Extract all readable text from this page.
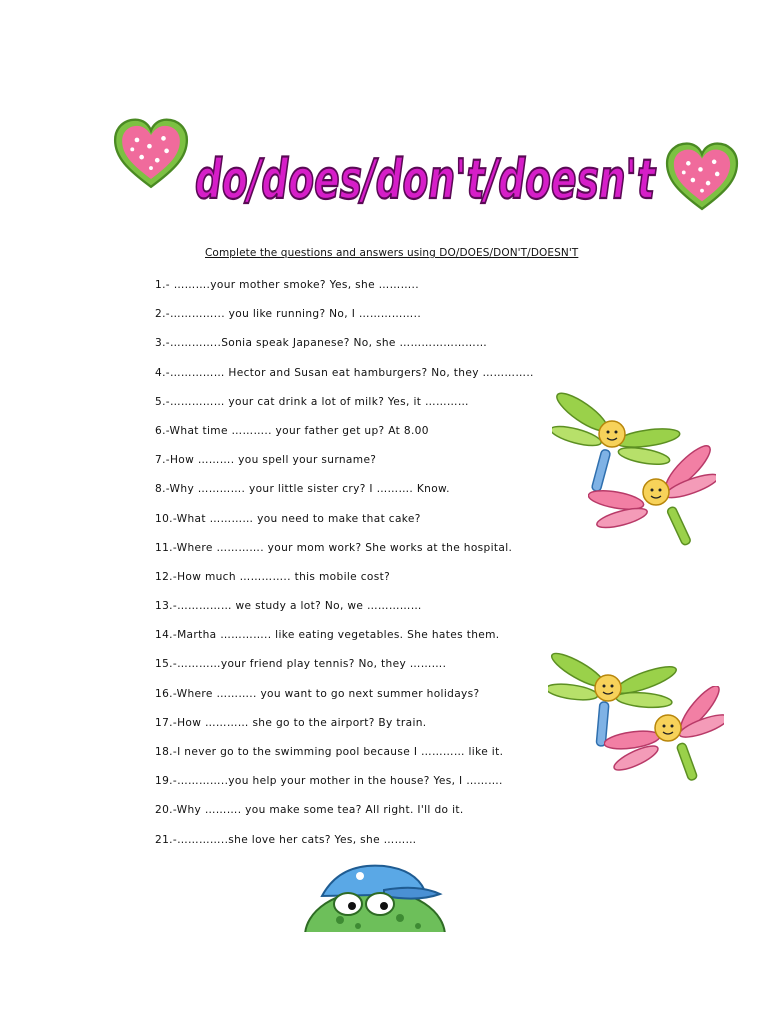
do/does/don't/doesn't
Complete the questions and answers using DO/DOES/DON'T/DOESN'T
1.- ……….your mother smoke? Yes, she ………..
2.-…………... you like running? No, I ……………..
3.-…………..Sonia speak Japanese? No, she ……………………
4.-…………… Hector and Susan eat hamburgers? No, they …………..
5.-…………… your cat drink a lot of milk? Yes, it …………
6.-What time ……….. your father get up? At 8.00
7.-How ………. you spell your surname?
8.-Why …………. your little sister cry? I ………. Know.
10.-What ………… you need to make that cake?
11.-Where …………. your mom work? She works at the hospital.
12.-How much ………….. this mobile cost?
13.-…………… we study a lot? No, we ……………
14.-Martha ………….. like eating vegetables. She hates them.
15.-…………your friend play tennis? No, they ……….
16.-Where ……….. you want to go next summer holidays?
17.-How ………… she go to the airport? By train.
18.-I never go to the swimming pool because I ………… like it.
19.-…………..you help your mother in the house? Yes, I ……….
20.-Why ………. you make some tea? All right. I'll do it.
21.-…………..she love her cats? Yes, she ………
